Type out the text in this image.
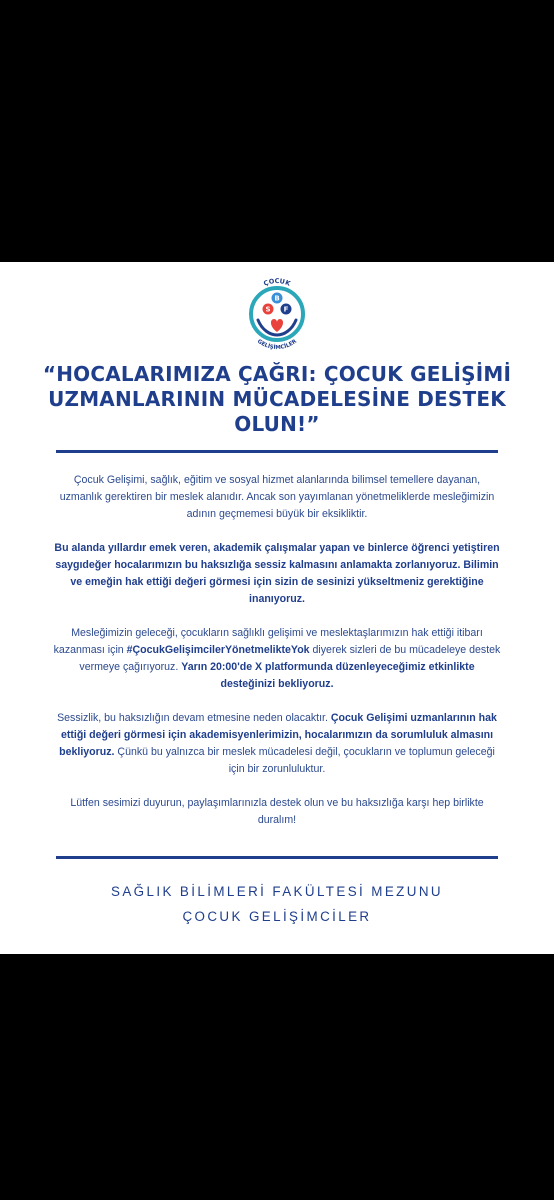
ÇOCUK
GELİŞİMCİLER
S
B
F
“HOCALARIMIZA ÇAĞRI: ÇOCUK GELİŞİMİ UZMANLARININ MÜCADELESİNE DESTEK OLUN!”

Çocuk Gelişimi, sağlık, eğitim ve sosyal hizmet alanlarında bilimsel temellere dayanan, uzmanlık gerektiren bir meslek alanıdır. Ancak son yayımlanan yönetmeliklerde mesleğimizin adının geçmemesi büyük bir eksikliktir.

Bu alanda yıllardır emek veren, akademik çalışmalar yapan ve binlerce öğrenci yetiştiren saygıdeğer hocalarımızın bu haksızlığa sessiz kalmasını anlamakta zorlanıyoruz. Bilimin ve emeğin hak ettiği değeri görmesi için sizin de sesinizi yükseltmeniz gerektiğine inanıyoruz.

Mesleğimizin geleceği, çocukların sağlıklı gelişimi ve meslektaşlarımızın hak ettiği itibarı kazanması için #ÇocukGelişimcilerYönetmelikteYok diyerek sizleri de bu mücadeleye destek vermeye çağırıyoruz. Yarın 20:00'de X platformunda düzenleyeceğimiz etkinlikte desteğinizi bekliyoruz.

Sessizlik, bu haksızlığın devam etmesine neden olacaktır. Çocuk Gelişimi uzmanlarının hak ettiği değeri görmesi için akademisyenlerimizin, hocalarımızın da sorumluluk almasını bekliyoruz. Çünkü bu yalnızca bir meslek mücadelesi değil, çocukların ve toplumun geleceği için bir zorunluluktur.

Lütfen sesimizi duyurun, paylaşımlarınızla destek olun ve bu haksızlığa karşı hep birlikte duralım!

SAĞLIK BİLİMLERİ FAKÜLTESİ MEZUNU
ÇOCUK GELİŞİMCİLER
